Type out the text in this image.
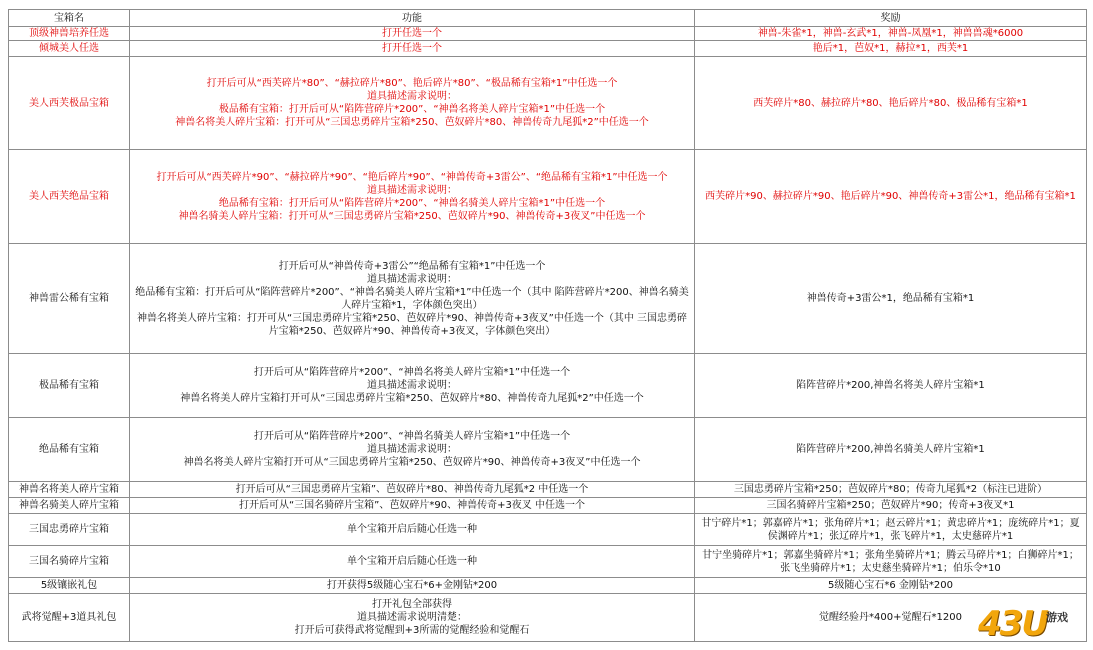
宝箱名	功能	奖励
顶级神兽培养任选	打开任选一个	神兽-朱雀*1，神兽-玄武*1，神兽-凤凰*1，神兽兽魂*6000

倾城美人任选	打开任选一个	艳后*1，芭奴*1，赫拉*1，西芙*1

美人西芙极品宝箱	打开后可从“西芙碎片*80”、“赫拉碎片*80”、艳后碎片*80”、“极品稀有宝箱*1”中任选一个
道具描述需求说明：
极品稀有宝箱：打开后可从“陷阵营碎片*200”、“神兽名将美人碎片宝箱*1”中任选一个
神兽名将美人碎片宝箱：打开可从“三国忠勇碎片宝箱*250、芭奴碎片*80、神兽传奇九尾狐*2”中任选一个	西芙碎片*80、赫拉碎片*80、艳后碎片*80、极品稀有宝箱*1

美人西芙绝品宝箱	打开后可从“西芙碎片*90”、“赫拉碎片*90”、“艳后碎片*90”、“神兽传奇+3雷公”、“绝品稀有宝箱*1”中任选一个
道具描述需求说明：
绝品稀有宝箱：打开后可从“陷阵营碎片*200”、“神兽名骑美人碎片宝箱*1”中任选一个
神兽名骑美人碎片宝箱：打开可从“三国忠勇碎片宝箱*250、芭奴碎片*90、神兽传奇+3夜叉”中任选一个	西芙碎片*90、赫拉碎片*90、艳后碎片*90、神兽传奇+3雷公*1，绝品稀有宝箱*1

神兽雷公稀有宝箱	打开后可从“神兽传奇+3雷公”“绝品稀有宝箱*1”中任选一个
道具描述需求说明：
绝品稀有宝箱：打开后可从“陷阵营碎片*200”、“神兽名骑美人碎片宝箱*1”中任选一个（其中 陷阵营碎片*200、神兽名骑美人碎片宝箱*1，字体颜色突出）
神兽名将美人碎片宝箱：打开可从“三国忠勇碎片宝箱*250、芭奴碎片*90、神兽传奇+3夜叉”中任选一个（其中 三国忠勇碎片宝箱*250、芭奴碎片*90、神兽传奇+3夜叉，字体颜色突出）	神兽传奇+3雷公*1，绝品稀有宝箱*1

极品稀有宝箱	打开后可从“陷阵营碎片*200”、“神兽名将美人碎片宝箱*1”中任选一个
道具描述需求说明：
神兽名将美人碎片宝箱打开可从“三国忠勇碎片宝箱*250、芭奴碎片*80、神兽传奇九尾狐*2”中任选一个	陷阵营碎片*200,神兽名将美人碎片宝箱*1

绝品稀有宝箱	打开后可从“陷阵营碎片*200”、“神兽名骑美人碎片宝箱*1”中任选一个
道具描述需求说明：
神兽名将美人碎片宝箱打开可从“三国忠勇碎片宝箱*250、芭奴碎片*90、神兽传奇+3夜叉”中任选一个	陷阵营碎片*200,神兽名骑美人碎片宝箱*1

神兽名将美人碎片宝箱	打开后可从“三国忠勇碎片宝箱”、芭奴碎片*80、神兽传奇九尾狐*2 中任选一个	三国忠勇碎片宝箱*250；芭奴碎片*80；传奇九尾狐*2（标注已进阶）

神兽名骑美人碎片宝箱	打开后可从“三国名骑碎片宝箱”、芭奴碎片*90、神兽传奇+3夜叉 中任选一个	三国名骑碎片宝箱*250；芭奴碎片*90；传奇+3夜叉*1

三国忠勇碎片宝箱	单个宝箱开启后随心任选一种	甘宁碎片*1；郭嘉碎片*1；张角碎片*1；赵云碎片*1；黄忠碎片*1；庞统碎片*1；夏侯渊碎片*1；张辽碎片*1，张飞碎片*1，太史慈碎片*1

三国名骑碎片宝箱	单个宝箱开启后随心任选一种	甘宁坐骑碎片*1；郭嘉坐骑碎片*1；张角坐骑碎片*1；腾云马碎片*1；白狮碎片*1；张飞坐骑碎片*1；太史慈坐骑碎片*1；伯乐令*10

5级镶嵌礼包	打开获得5级随心宝石*6+金刚钻*200	5级随心宝石*6 金刚钻*200

武将觉醒+3道具礼包	打开礼包全部获得
道具描述需求说明清楚：
打开后可获得武将觉醒到+3所需的觉醒经验和觉醒石	觉醒经验丹*400+觉醒石*1200 43U 游戏
